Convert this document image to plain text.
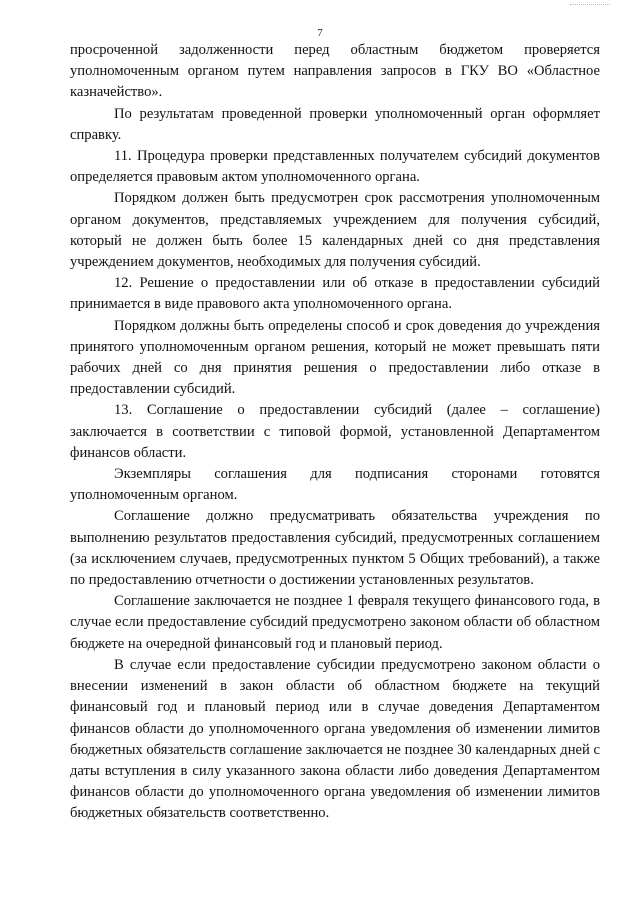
7

просроченной задолженности перед областным бюджетом проверяется уполномоченным органом путем направления запросов в ГКУ ВО «Областное казначейство».

По результатам проведенной проверки уполномоченный орган оформляет справку.

11. Процедура проверки представленных получателем субсидий документов определяется правовым актом уполномоченного органа.

Порядком должен быть предусмотрен срок рассмотрения уполномоченным органом документов, представляемых учреждением для получения субсидий, который не должен быть более 15 календарных дней со дня представления учреждением документов, необходимых для получения субсидий.

12. Решение о предоставлении или об отказе в предоставлении субсидий принимается в виде правового акта уполномоченного органа.

Порядком должны быть определены способ и срок доведения до учреждения принятого уполномоченным органом решения, который не может превышать пяти рабочих дней со дня принятия решения о предоставлении либо отказе в предоставлении субсидий.

13. Соглашение о предоставлении субсидий (далее – соглашение) заключается в соответствии с типовой формой, установленной Департаментом финансов области.

Экземпляры соглашения для подписания сторонами готовятся уполномоченным органом.

Соглашение должно предусматривать обязательства учреждения по выполнению результатов предоставления субсидий, предусмотренных соглашением (за исключением случаев, предусмотренных пунктом 5 Общих требований), а также по предоставлению отчетности о достижении установленных результатов.

Соглашение заключается не позднее 1 февраля текущего финансового года, в случае если предоставление субсидий предусмотрено законом области об областном бюджете на очередной финансовый год и плановый период.

В случае если предоставление субсидии предусмотрено законом области о внесении изменений в закон области об областном бюджете на текущий финансовый год и плановый период или в случае доведения Департаментом финансов области до уполномоченного органа уведомления об изменении лимитов бюджетных обязательств соглашение заключается не позднее 30 календарных дней с даты вступления в силу указанного закона области либо доведения Департаментом финансов области до уполномоченного органа уведомления об изменении лимитов бюджетных обязательств соответственно.
